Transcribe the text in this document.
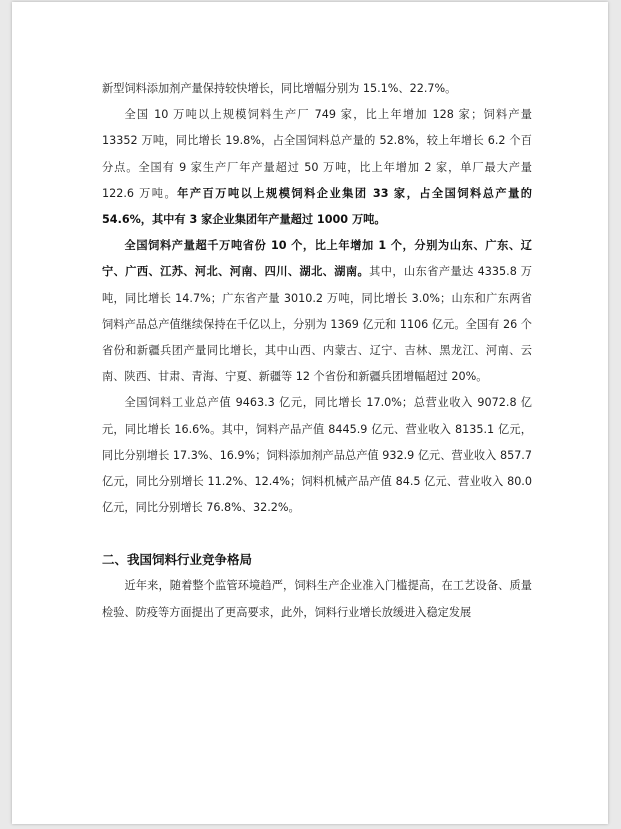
新型饲料添加剂产量保持较快增长，同比增幅分别为 15.1%、22.7%。

全国 10 万吨以上规模饲料生产厂 749 家，比上年增加 128 家；饲料产量 13352 万吨，同比增长 19.8%，占全国饲料总产量的 52.8%，较上年增长 6.2 个百分点。全国有 9 家生产厂年产量超过 50 万吨，比上年增加 2 家，单厂最大产量 122.6 万吨。年产百万吨以上规模饲料企业集团 33 家，占全国饲料总产量的 54.6%，其中有 3 家企业集团年产量超过 1000 万吨。

全国饲料产量超千万吨省份 10 个，比上年增加 1 个，分别为山东、广东、辽宁、广西、江苏、河北、河南、四川、湖北、湖南。其中，山东省产量达 4335.8 万吨，同比增长 14.7%；广东省产量 3010.2 万吨，同比增长 3.0%；山东和广东两省饲料产品总产值继续保持在千亿以上，分别为 1369 亿元和 1106 亿元。全国有 26 个省份和新疆兵团产量同比增长，其中山西、内蒙古、辽宁、吉林、黑龙江、河南、云南、陕西、甘肃、青海、宁夏、新疆等 12 个省份和新疆兵团增幅超过 20%。

全国饲料工业总产值 9463.3 亿元，同比增长 17.0%；总营业收入 9072.8 亿元，同比增长 16.6%。其中，饲料产品产值 8445.9 亿元、营业收入 8135.1 亿元，同比分别增长 17.3%、16.9%；饲料添加剂产品总产值 932.9 亿元、营业收入 857.7 亿元，同比分别增长 11.2%、12.4%；饲料机械产品产值 84.5 亿元、营业收入 80.0 亿元，同比分别增长 76.8%、32.2%。

二、我国饲料行业竞争格局

近年来，随着整个监管环境趋严，饲料生产企业准入门槛提高，在工艺设备、质量检验、防疫等方面提出了更高要求，此外，饲料行业增长放缓进入稳定发展
